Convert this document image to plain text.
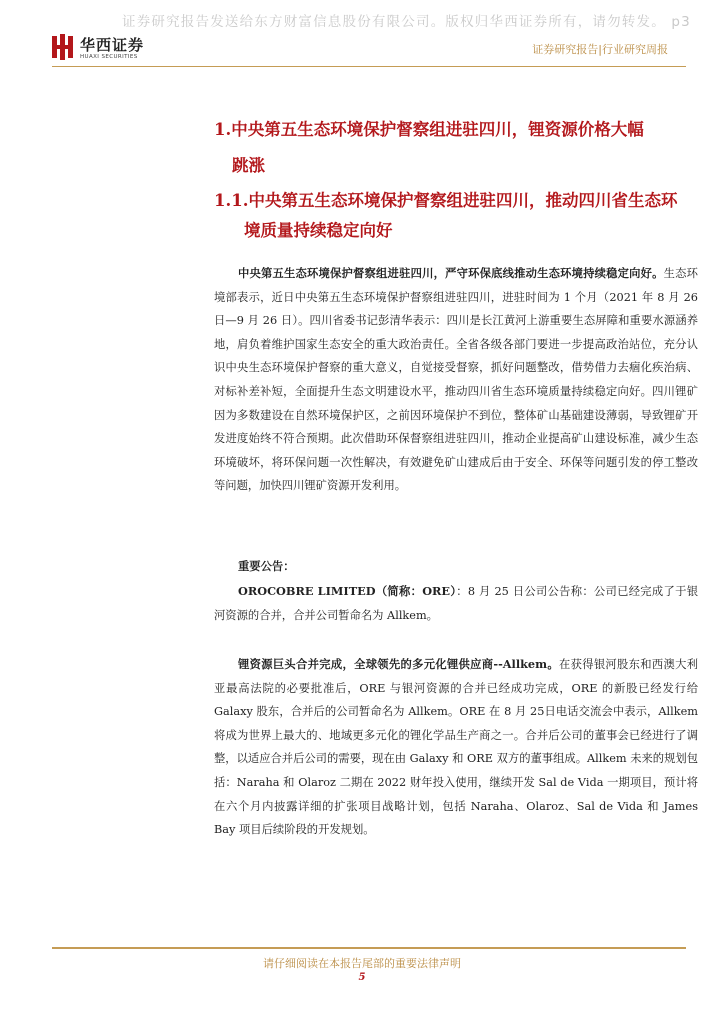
证券研究报告发送给东方财富信息股份有限公司。版权归华西证券所有，请勿转发。 p3
华西证券
HUAXI SECURITIES
证券研究报告|行业研究周报
1.中央第五生态环境保护督察组进驻四川，锂资源价格大幅
跳涨
1.1.中央第五生态环境保护督察组进驻四川，推动四川省生态环
境质量持续稳定向好

中央第五生态环境保护督察组进驻四川，严守环保底线推动生态环境持续稳定向好。生态环境部表示，近日中央第五生态环境保护督察组进驻四川，进驻时间为 1 个月（2021 年 8 月 26 日—9 月 26 日）。四川省委书记彭清华表示：四川是长江黄河上游重要生态屏障和重要水源涵养地，肩负着维护国家生态安全的重大政治责任。全省各级各部门要进一步提高政治站位，充分认识中央生态环境保护督察的重大意义，自觉接受督察，抓好问题整改，借势借力去痼化疾治病、对标补差补短，全面提升生态文明建设水平，推动四川省生态环境质量持续稳定向好。四川锂矿因为多数建设在自然环境保护区，之前因环境保护不到位，整体矿山基础建设薄弱，导致锂矿开发进度始终不符合预期。此次借助环保督察组进驻四川，推动企业提高矿山建设标准，减少生态环境破坏，将环保问题一次性解决，有效避免矿山建成后由于安全、环保等问题引发的停工整改等问题，加快四川锂矿资源开发利用。

重要公告：

OROCOBRE LIMITED（简称：ORE）：8 月 25 日公司公告称：公司已经完成了于银河资源的合并，合并公司暂命名为 Allkem。

锂资源巨头合并完成，全球领先的多元化锂供应商--Allkem。在获得银河股东和西澳大利亚最高法院的必要批准后，ORE 与银河资源的合并已经成功完成，ORE 的新股已经发行给 Galaxy 股东，合并后的公司暂命名为 Allkem。ORE 在 8 月 25日电话交流会中表示，Allkem 将成为世界上最大的、地域更多元化的锂化学品生产商之一。合并后公司的董事会已经进行了调整，以适应合并后公司的需要，现在由 Galaxy 和 ORE 双方的董事组成。Allkem 未来的规划包括：Naraha 和 Olaroz 二期在 2022 财年投入使用，继续开发 Sal de Vida 一期项目，预计将在六个月内披露详细的扩张项目战略计划，包括 Naraha、Olaroz、Sal de Vida 和 James Bay 项目后续阶段的开发规划。

请仔细阅读在本报告尾部的重要法律声明
5
